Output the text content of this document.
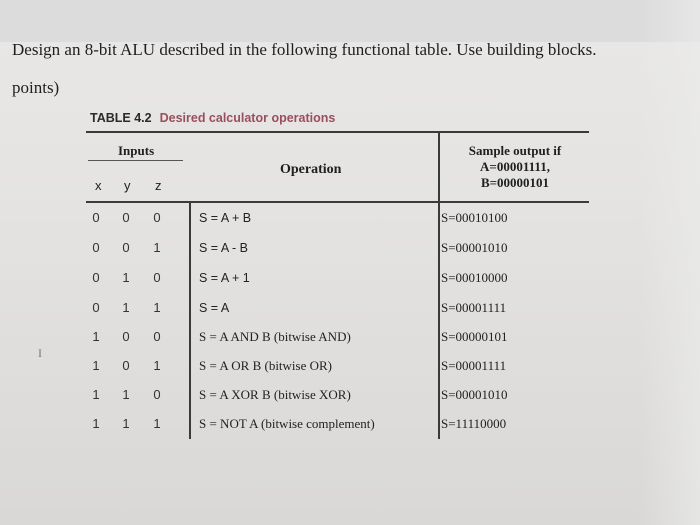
Design an 8-bit ALU described in the following functional table. Use building blocks.
points)
TABLE 4.2 Desired calculator operations
Inputs
x y z
Operation
Sample output if
A=00001111,
B=00000101
0 0 0	S = A + B	S=00010100
0 0 1	S = A - B	S=00001010
0 1 0	S = A + 1	S=00010000
0 1 1	S = A	S=00001111
1 0 0	S = A AND B (bitwise AND)	S=00000101
1 0 1	S = A OR B (bitwise OR)	S=00001111
1 1 0	S = A XOR B (bitwise XOR)	S=00001010
1 1 1	S = NOT A (bitwise complement)	S=11110000
I
